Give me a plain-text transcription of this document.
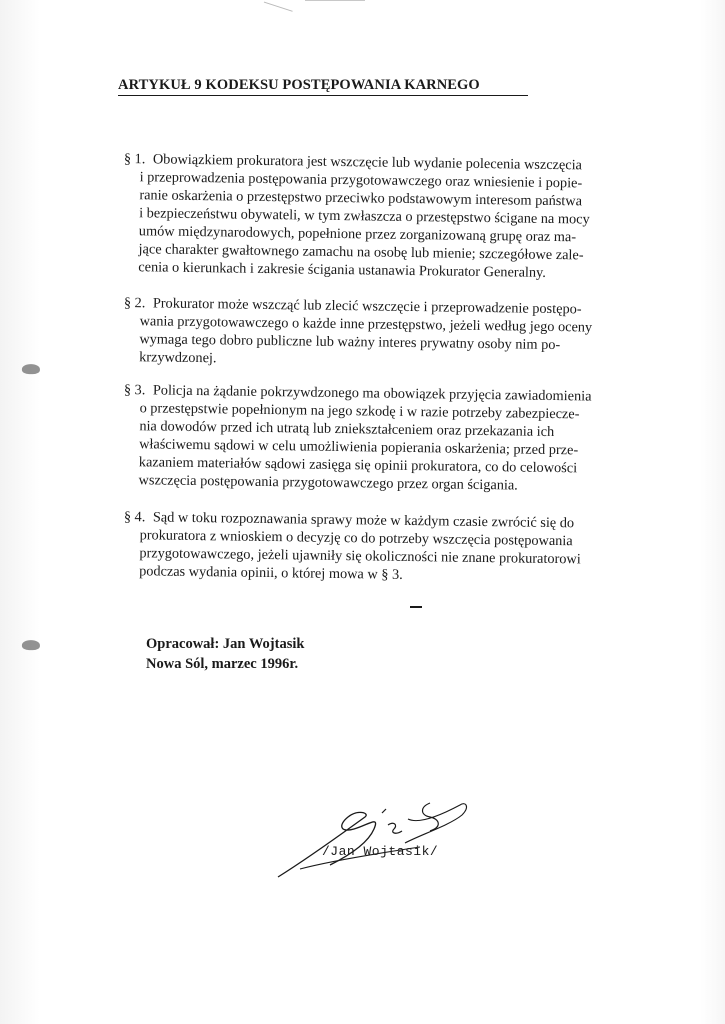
ARTYKUŁ 9 KODEKSU POSTĘPOWANIA KARNEGO
§ 1. Obowiązkiem prokuratora jest wszczęcie lub wydanie polecenia wszczęcia
i przeprowadzenia postępowania przygotowawczego oraz wniesienie i popie-
ranie oskarżenia o przestępstwo przeciwko podstawowym interesom państwa
i bezpieczeństwu obywateli, w tym zwłaszcza o przestępstwo ścigane na mocy
umów międzynarodowych, popełnione przez zorganizowaną grupę oraz ma-
jące charakter gwałtownego zamachu na osobę lub mienie; szczegółowe zale-
cenia o kierunkach i zakresie ścigania ustanawia Prokurator Generalny.
§ 2. Prokurator może wszcząć lub zlecić wszczęcie i przeprowadzenie postępo-
wania przygotowawczego o każde inne przestępstwo, jeżeli według jego oceny
wymaga tego dobro publiczne lub ważny interes prywatny osoby nim po-
krzywdzonej.
§ 3. Policja na żądanie pokrzywdzonego ma obowiązek przyjęcia zawiadomienia
o przestępstwie popełnionym na jego szkodę i w razie potrzeby zabezpiecze-
nia dowodów przed ich utratą lub zniekształceniem oraz przekazania ich
właściwemu sądowi w celu umożliwienia popierania oskarżenia; przed prze-
kazaniem materiałów sądowi zasięga się opinii prokuratora, co do celowości
wszczęcia postępowania przygotowawczego przez organ ścigania.
§ 4. Sąd w toku rozpoznawania sprawy może w każdym czasie zwrócić się do
prokuratora z wnioskiem o decyzję co do potrzeby wszczęcia postępowania
przygotowawczego, jeżeli ujawniły się okoliczności nie znane prokuratorowi
podczas wydania opinii, o której mowa w § 3.
Opracował: Jan Wojtasik
Nowa Sól, marzec 1996r.
/Jan Wojtasik/
